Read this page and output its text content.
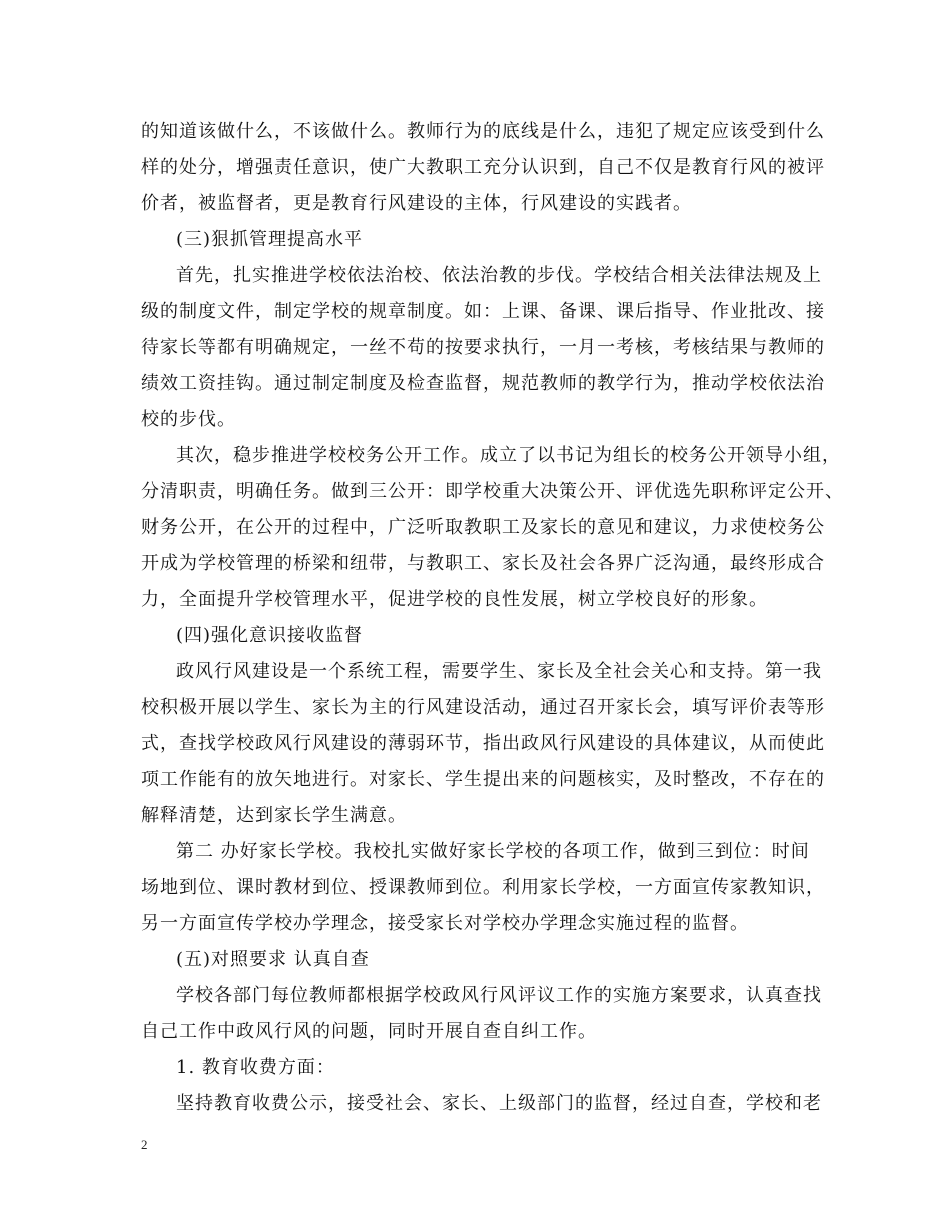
的知道该做什么，不该做什么。教师行为的底线是什么，违犯了规定应该受到什么
样的处分，增强责任意识，使广大教职工充分认识到，自己不仅是教育行风的被评
价者，被监督者，更是教育行风建设的主体，行风建设的实践者。
(三)狠抓管理提高水平
首先，扎实推进学校依法治校、依法治教的步伐。学校结合相关法律法规及上
级的制度文件，制定学校的规章制度。如：上课、备课、课后指导、作业批改、接
待家长等都有明确规定，一丝不苟的按要求执行，一月一考核，考核结果与教师的
绩效工资挂钩。通过制定制度及检查监督，规范教师的教学行为，推动学校依法治
校的步伐。
其次，稳步推进学校校务公开工作。成立了以书记为组长的校务公开领导小组，
分清职责，明确任务。做到三公开：即学校重大决策公开、评优选先职称评定公开、
财务公开，在公开的过程中，广泛听取教职工及家长的意见和建议，力求使校务公
开成为学校管理的桥梁和纽带，与教职工、家长及社会各界广泛沟通，最终形成合
力，全面提升学校管理水平，促进学校的良性发展，树立学校良好的形象。
(四)强化意识接收监督
政风行风建设是一个系统工程，需要学生、家长及全社会关心和支持。第一我
校积极开展以学生、家长为主的行风建设活动，通过召开家长会，填写评价表等形
式，查找学校政风行风建设的薄弱环节，指出政风行风建设的具体建议，从而使此
项工作能有的放矢地进行。对家长、学生提出来的问题核实，及时整改，不存在的
解释清楚，达到家长学生满意。
第二 办好家长学校。我校扎实做好家长学校的各项工作，做到三到位：时间
场地到位、课时教材到位、授课教师到位。利用家长学校，一方面宣传家教知识，
另一方面宣传学校办学理念，接受家长对学校办学理念实施过程的监督。
(五)对照要求 认真自查
学校各部门每位教师都根据学校政风行风评议工作的实施方案要求，认真查找
自己工作中政风行风的问题，同时开展自查自纠工作。
1. 教育收费方面：
坚持教育收费公示，接受社会、家长、上级部门的监督，经过自查，学校和老
2
